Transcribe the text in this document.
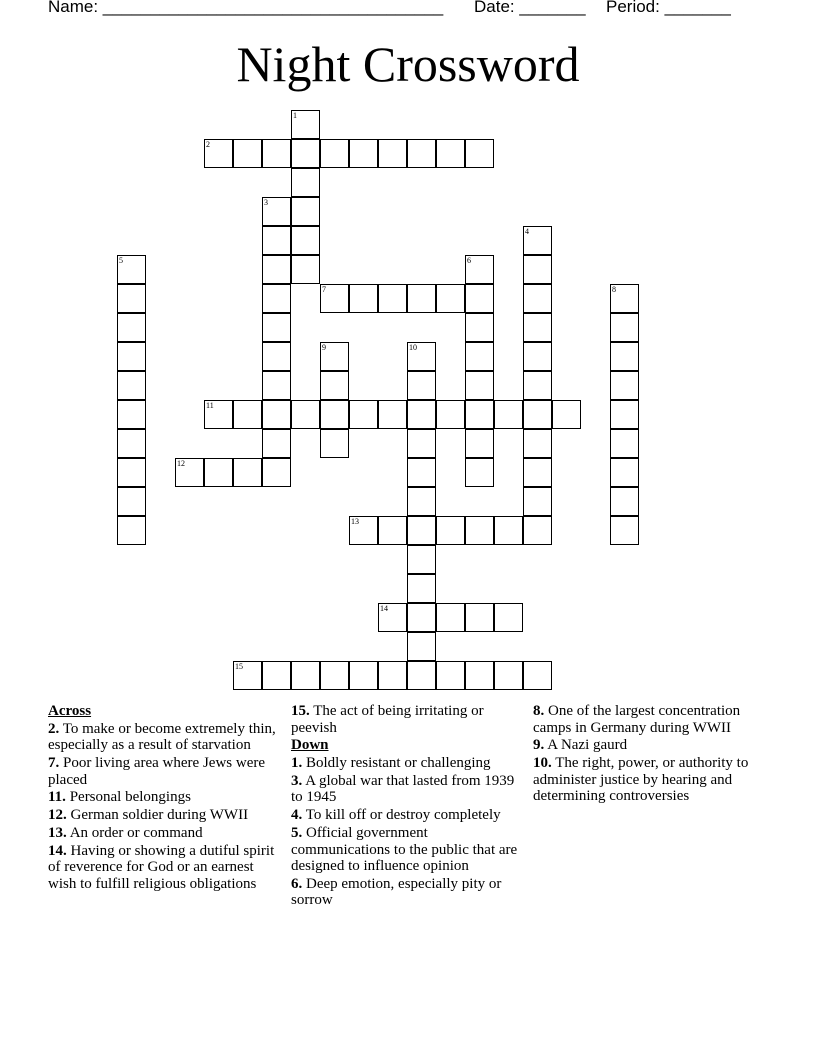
Name: ____________________________________ Date: _______ Period: _______
Night Crossword
1
2
3
4
5	6
7	8
9	10
11
12
13
14
15
Across
2. To make or become extremely thin, especially as a result of starvation
7. Poor living area where Jews were placed
11. Personal belongings
12. German soldier during WWII
13. An order or command
14. Having or showing a dutiful spirit of reverence for God or an earnest wish to fulfill religious obligations
15. The act of being irritating or peevish
Down
1. Boldly resistant or challenging
3. A global war that lasted from 1939 to 1945
4. To kill off or destroy completely
5. Official government communications to the public that are designed to influence opinion
6. Deep emotion, especially pity or sorrow
8. One of the largest concentration camps in Germany during WWII
9. A Nazi gaurd
10. The right, power, or authority to administer justice by hearing and determining controversies
